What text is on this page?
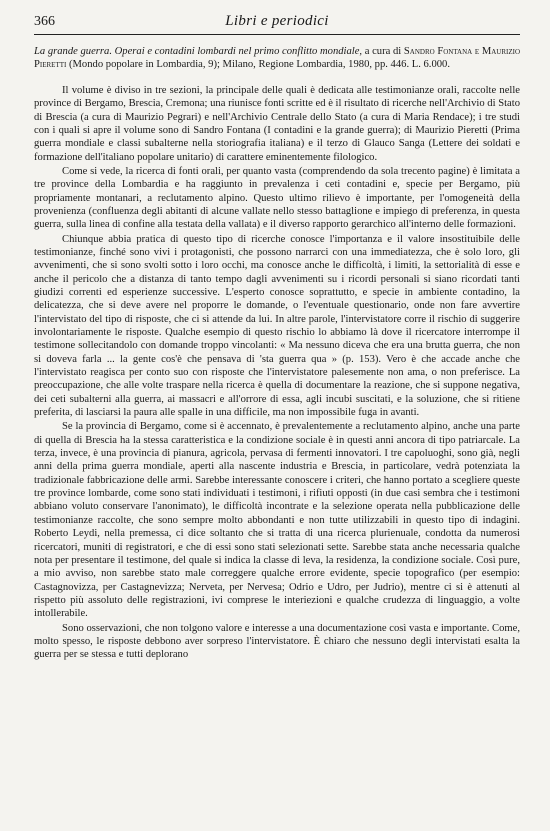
366	Libri e periodici

La grande guerra. Operai e contadini lombardi nel primo conflitto mondiale, a cura di Sandro Fontana e Maurizio Pieretti (Mondo popolare in Lombardia, 9); Milano, Regione Lombardia, 1980, pp. 446. L. 6.000.

Il volume è diviso in tre sezioni, la principale delle quali è dedicata alle testimonianze orali, raccolte nelle province di Bergamo, Brescia, Cremona; una riunisce fonti scritte ed è il risultato di ricerche nell'Archivio di Stato di Brescia (a cura di Maurizio Pegrari) e nell'Archivio Centrale dello Stato (a cura di Maria Rendace); i tre studi con i quali si apre il volume sono di Sandro Fontana (I contadini e la grande guerra); di Maurizio Pieretti (Prima guerra mondiale e classi subalterne nella storiografia italiana) e il terzo di Glauco Sanga (Lettere dei soldati e formazione dell'italiano popolare unitario) di carattere eminentemente filologico.

Come si vede, la ricerca di fonti orali, per quanto vasta (comprendendo da sola trecento pagine) è limitata a tre province della Lombardia e ha raggiunto in prevalenza i ceti contadini e, specie per Bergamo, più propriamente montanari, a reclutamento alpino. Questo ultimo rilievo è importante, per l'omogeneità della provenienza (confluenza degli abitanti di alcune vallate nello stesso battaglione e impiego di preferenza, in questa guerra, sulla linea di confine alla testata della vallata) e il diverso rapporto gerarchico all'interno delle formazioni.

Chiunque abbia pratica di questo tipo di ricerche conosce l'importanza e il valore insostituibile delle testimonianze, finché sono vivi i protagonisti, che possono narrarci con una immediatezza, che è solo loro, gli avvenimenti, che si sono svolti sotto i loro occhi, ma conosce anche le difficoltà, i limiti, la settorialità di esse e anche il pericolo che a distanza di tanto tempo dagli avvenimenti su i ricordi personali si siano ricordati tanti giudizi correnti ed esperienze successive. L'esperto conosce soprattutto, e specie in ambiente contadino, la delicatezza, che si deve avere nel proporre le domande, o l'eventuale questionario, onde non fare avvertire l'intervistato del tipo di risposte, che ci si attende da lui. In altre parole, l'intervistatore corre il rischio di suggerire involontariamente le risposte. Qualche esempio di questo rischio lo abbiamo là dove il ricercatore interrompe il testimone sollecitandolo con domande troppo vincolanti: « Ma nessuno diceva che era una brutta guerra, che non si doveva farla ... la gente cos'è che pensava di 'sta guerra qua » (p. 153). Vero è che accade anche che l'intervistato reagisca per conto suo con risposte che l'intervistatore palesemente non ama, o non preferisce. La preoccupazione, che alle volte traspare nella ricerca è quella di documentare la reazione, che si suppone negativa, dei ceti subalterni alla guerra, ai massacri e all'orrore di essa, agli incubi suscitati, e la soluzione, che si ritiene preferita, di lasciarsi la paura alle spalle in una difficile, ma non impossibile fuga in avanti.

Se la provincia di Bergamo, come si è accennato, è prevalentemente a reclutamento alpino, anche una parte di quella di Brescia ha la stessa caratteristica e la condizione sociale è in questi anni ancora di tipo patriarcale. La terza, invece, è una provincia di pianura, agricola, pervasa di fermenti innovatori. I tre capoluoghi, sono già, negli anni della prima guerra mondiale, aperti alla nascente industria e Brescia, in particolare, vedrà potenziata la tradizionale fabbricazione delle armi. Sarebbe interessante conoscere i criteri, che hanno portato a scegliere queste tre province lombarde, come sono stati individuati i testimoni, i rifiuti opposti (in due casi sembra che i testimoni abbiano voluto conservare l'anonimato), le difficoltà incontrate e la selezione operata nella pubblicazione delle testimonianze raccolte, che sono sempre molto abbondanti e non tutte utilizzabili in questo tipo di indagini. Roberto Leydi, nella premessa, ci dice soltanto che si tratta di una ricerca plurienuale, condotta da numerosi ricercatori, muniti di registratori, e che di essi sono stati selezionati sette. Sarebbe stata anche necessaria qualche nota per presentare il testimone, del quale si indica la classe di leva, la residenza, la condizione sociale. Così pure, a mio avviso, non sarebbe stato male correggere qualche errore evidente, specie topografico (per esempio: Castagnovizza, per Castagnevizza; Nerveta, per Nervesa; Odrio e Udro, per Judrio), mentre ci si è attenuti al rispetto più assoluto delle registrazioni, ivi comprese le interiezioni e qualche crudezza di linguaggio, a volte intollerabile.

Sono osservazioni, che non tolgono valore e interesse a una documentazione così vasta e importante. Come, molto spesso, le risposte debbono aver sorpreso l'intervistatore. È chiaro che nessuno degli intervistati esalta la guerra per se stessa e tutti deplorano
